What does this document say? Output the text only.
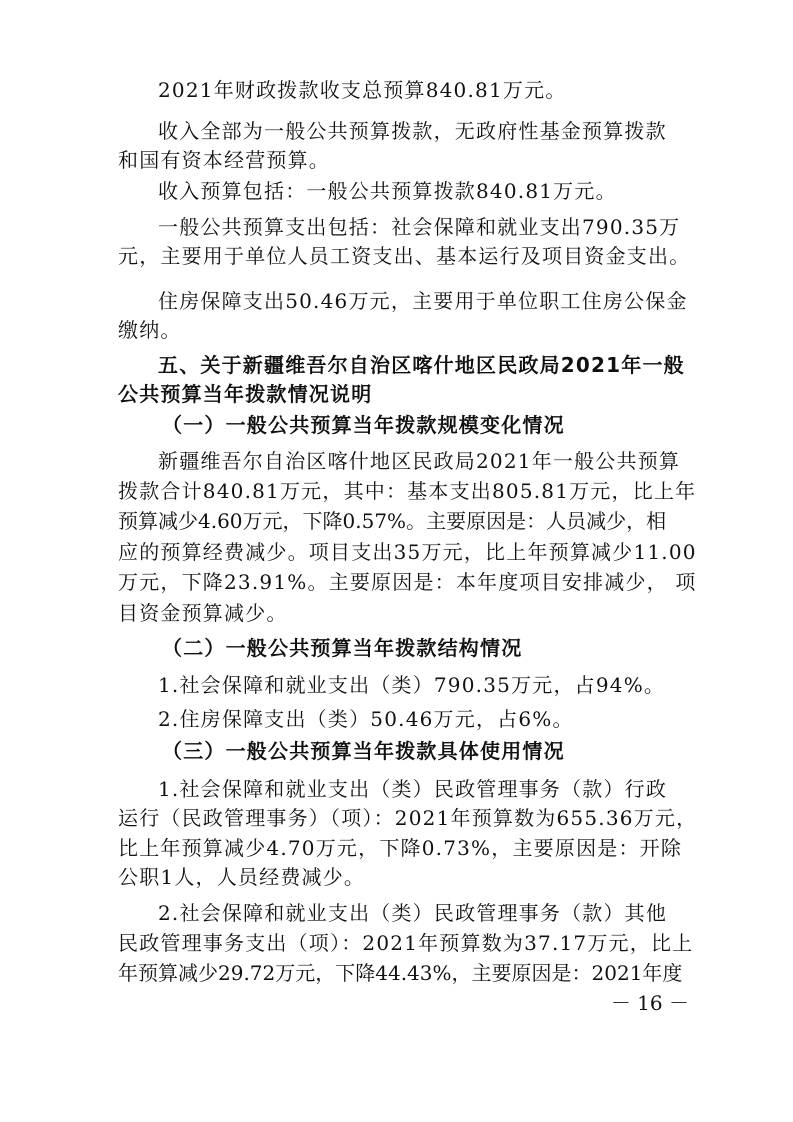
2021年财政拨款收支总预算840.81万元。
收入全部为一般公共预算拨款，无政府性基金预算拨款
和国有资本经营预算。
收入预算包括：一般公共预算拨款840.81万元。
一般公共预算支出包括：社会保障和就业支出790.35万
元，主要用于单位人员工资支出、基本运行及项目资金支出。
住房保障支出50.46万元，主要用于单位职工住房公保金
缴纳。
五、关于新疆维吾尔自治区喀什地区民政局2021年一般
公共预算当年拨款情况说明
（一）一般公共预算当年拨款规模变化情况
新疆维吾尔自治区喀什地区民政局2021年一般公共预算
拨款合计840.81万元，其中：基本支出805.81万元，比上年
预算减少4.60万元，下降0.57%。主要原因是：人员减少，相
应的预算经费减少。项目支出35万元，比上年预算减少11.00
万元，下降23.91%。主要原因是：本年度项目安排减少， 项
目资金预算减少。
（二）一般公共预算当年拨款结构情况
1.社会保障和就业支出（类）790.35万元，占94%。
2.住房保障支出（类）50.46万元，占6%。
（三）一般公共预算当年拨款具体使用情况
1.社会保障和就业支出（类）民政管理事务（款）行政
运行（民政管理事务）（项）：2021年预算数为655.36万元，
比上年预算减少4.70万元，下降0.73%，主要原因是：开除
公职1人，人员经费减少。
2.社会保障和就业支出（类）民政管理事务（款）其他
民政管理事务支出（项）：2021年预算数为37.17万元，比上
年预算减少29.72万元，下降44.43%，主要原因是：2021年度
－ 16 －
